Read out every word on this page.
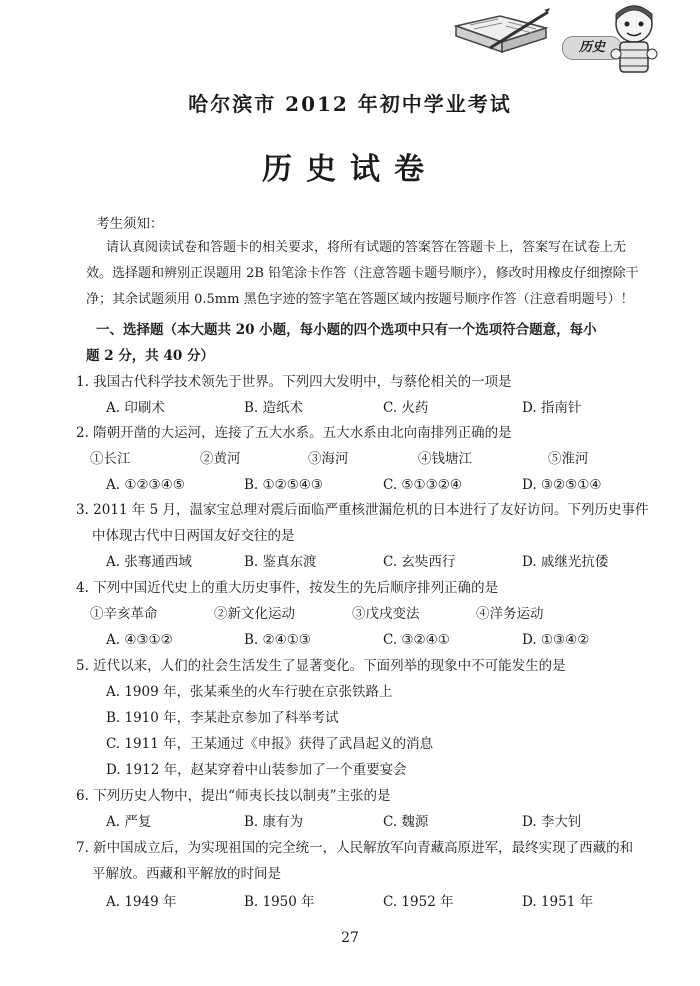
历史
哈尔滨市 2012 年初中学业考试
历史试卷
考生须知：
请认真阅读试卷和答题卡的相关要求，将所有试题的答案答在答题卡上，答案写在试卷上无
效。选择题和辨别正误题用 2B 铅笔涂卡作答（注意答题卡题号顺序），修改时用橡皮仔细擦除干
净；其余试题须用 0.5mm 黑色字迹的签字笔在答题区域内按题号顺序作答（注意看明题号）！
一、选择题（本大题共 20 小题，每小题的四个选项中只有一个选项符合题意，每小
题 2 分，共 40 分）
1. 我国古代科学技术领先于世界。下列四大发明中，与蔡伦相关的一项是
A. 印刷术	B. 造纸术	C. 火药	D. 指南针
2. 隋朝开凿的大运河，连接了五大水系。五大水系由北向南排列正确的是
①长江	②黄河	③海河	④钱塘江	⑤淮河
A. ①②③④⑤	B. ①②⑤④③	C. ⑤①③②④	D. ③②⑤①④
3. 2011 年 5 月，温家宝总理对震后面临严重核泄漏危机的日本进行了友好访问。下列历史事件
中体现古代中日两国友好交往的是
A. 张骞通西域	B. 鉴真东渡	C. 玄奘西行	D. 戚继光抗倭
4. 下列中国近代史上的重大历史事件，按发生的先后顺序排列正确的是
①辛亥革命	②新文化运动	③戊戌变法	④洋务运动
A. ④③①②	B. ②④①③	C. ③②④①	D. ①③④②
5. 近代以来，人们的社会生活发生了显著变化。下面列举的现象中不可能发生的是
A. 1909 年，张某乘坐的火车行驶在京张铁路上
B. 1910 年，李某赴京参加了科举考试
C. 1911 年，王某通过《申报》获得了武昌起义的消息
D. 1912 年，赵某穿着中山装参加了一个重要宴会
6. 下列历史人物中，提出“师夷长技以制夷”主张的是
A. 严复	B. 康有为	C. 魏源	D. 李大钊
7. 新中国成立后，为实现祖国的完全统一，人民解放军向青藏高原进军，最终实现了西藏的和
平解放。西藏和平解放的时间是
A. 1949 年	B. 1950 年	C. 1952 年	D. 1951 年
27
